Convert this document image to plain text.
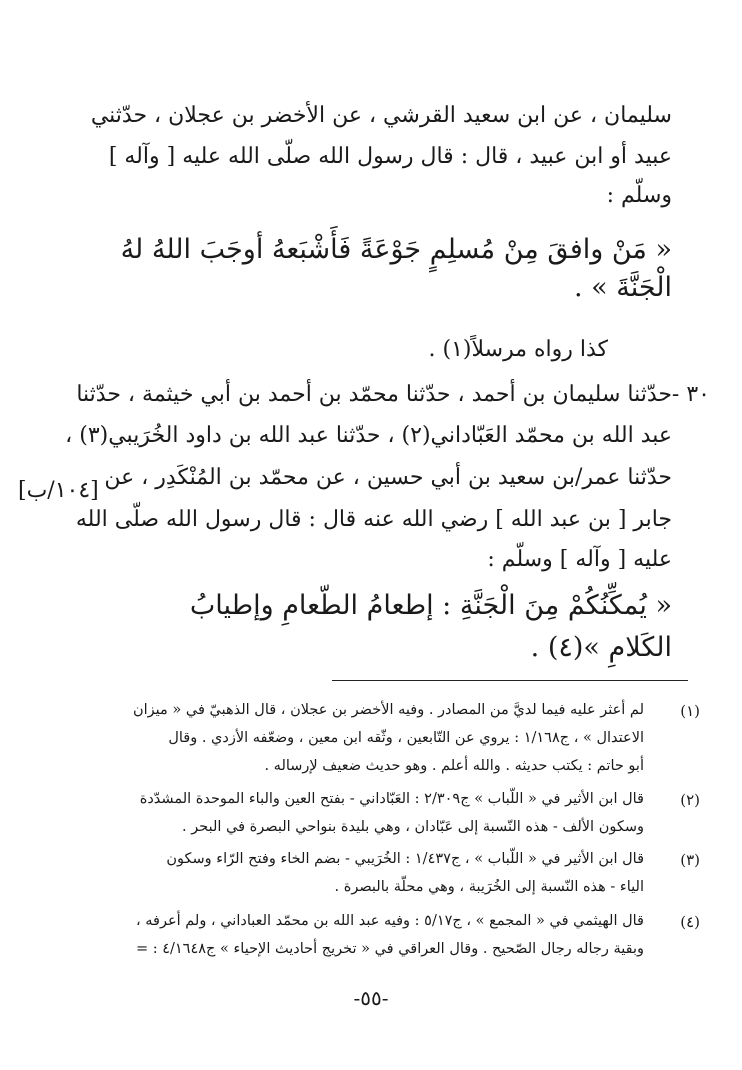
سليمان ، عن ابن سعيد القرشي ، عن الأخضر بن عجلان ، حدّثني
عبيد أو ابن عبيد ، قال : قال رسول الله صلّى الله عليه [ وآله ]
وسلّم :
« مَنْ وافقَ مِنْ مُسلِمٍ جَوْعَةً فَأَشْبَعهُ أوجَبَ اللهُ لهُ
الْجَنَّةَ » .
كذا رواه مرسلاً(١) .
٣٠ -
حدّثنا سليمان بن أحمد ، حدّثنا محمّد بن أحمد بن أبي خيثمة ، حدّثنا
عبد الله بن محمّد العَبّاداني(٢) ، حدّثنا عبد الله بن داود الخُرَيبي(٣) ،
حدّثنا عمر/بن سعيد بن أبي حسين ، عن محمّد بن المُنْكَدِر ، عن
جابر [ بن عبد الله ] رضي الله عنه قال : قال رسول الله صلّى الله
عليه [ وآله ] وسلّم :
[١٠٤/ب]
« يُمكِّنُكُمْ مِنَ الْجَنَّةِ : إطعامُ الطّعامِ وإطيابُ
الكَلامِ »(٤) .
(١)
لم أعثر عليه فيما لديَّ من المصادر . وفيه الأخضر بن عجلان ، قال الذهبيّ في « ميزان
الاعتدال » ، ج١/١٦٨ : يروي عن التّابعين ، وثّقه ابن معين ، وضعّفه الأزدي . وقال
أبو حاتم : يكتب حديثه . والله أعلم . وهو حديث ضعيف لإرساله .
(٢)
قال ابن الأثير في « اللّباب » ج٢/٣٠٩ : العَبّاداني - بفتح العين والباء الموحدة المشدّدة
وسكون الألف - هذه النّسبة إلى عَبّادان ، وهي بليدة بنواحي البصرة في البحر .
(٣)
قال ابن الأثير في « اللّباب » ، ج١/٤٣٧ : الخُرَيبي - بضم الخاء وفتح الرّاء وسكون
الياء - هذه النّسبة إلى الخُرَيبة ، وهي محلّة بالبصرة .
(٤)
قال الهيثمي في « المجمع » ، ج٥/١٧ : وفيه عبد الله بن محمّد العباداني ، ولم أعرفه ،
وبقية رجاله رجال الصّحيح . وقال العراقي في « تخريج أحاديث الإحياء » ج٤/١٦٤٨ : =
-٥٥-
